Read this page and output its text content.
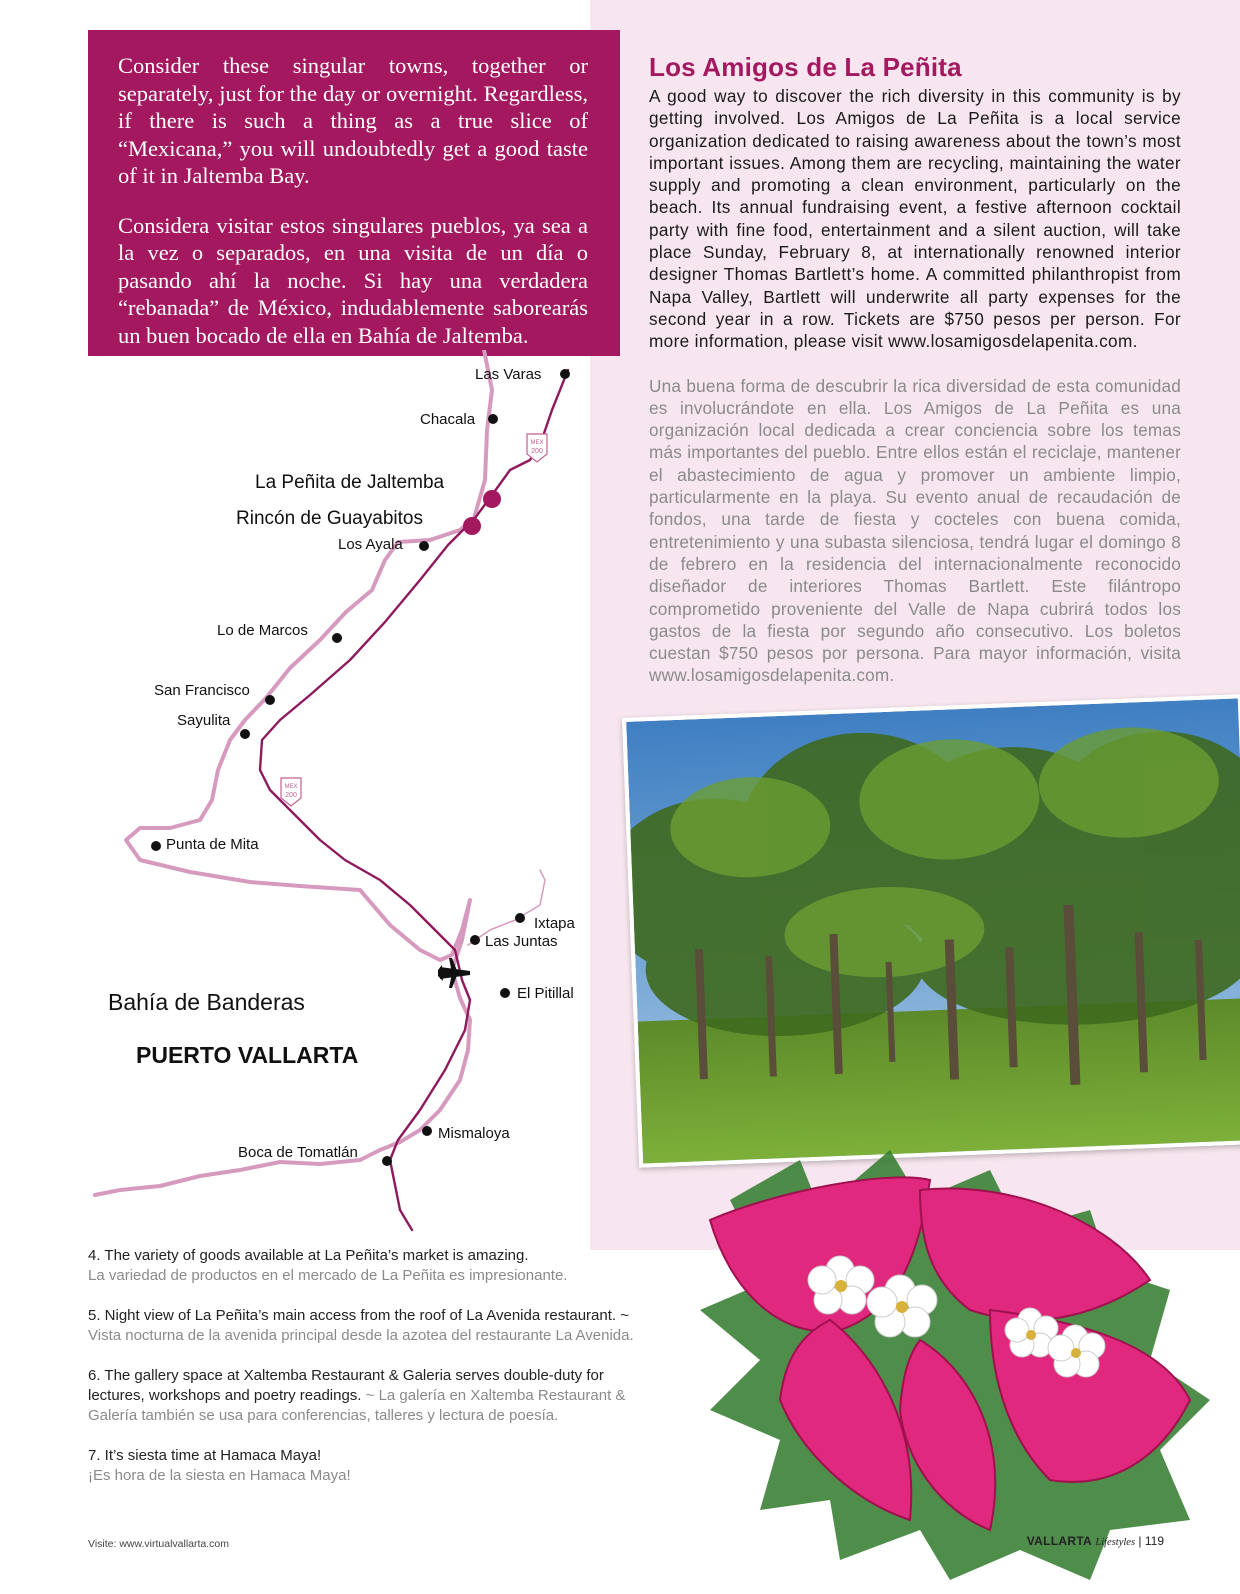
Consider these singular towns, together or separately, just for the day or overnight. Regardless, if there is such a thing as a true slice of “Mexicana,” you will undoubtedly get a good taste of it in Jaltemba Bay.

Considera visitar estos singulares pueblos, ya sea a la vez o separados, en una visita de un día o pasando ahí la noche. Si hay una verdadera “rebanada” de México, indudablemente saborearás un buen bocado de ella en Bahía de Jaltemba.

Los Amigos de La Peñita

A good way to discover the rich diversity in this community is by getting involved. Los Amigos de La Peñita is a local service organization dedicated to raising awareness about the town’s most important issues. Among them are recycling, maintaining the water supply and promoting a clean environment, particularly on the beach. Its annual fundraising event, a festive afternoon cocktail party with fine food, entertainment and a silent auction, will take place Sunday, February 8, at internationally renowned interior designer Thomas Bartlett’s home. A committed philanthropist from Napa Valley, Bartlett will underwrite all party expenses for the second year in a row. Tickets are $750 pesos per person. For more information, please visit www.losamigosdelapenita.com.

Una buena forma de descubrir la rica diversidad de esta comunidad es involucrándote en ella. Los Amigos de La Peñita es una organización local dedicada a crear conciencia sobre los temas más importantes del pueblo. Entre ellos están el reciclaje, mantener el abastecimiento de agua y promover un ambiente limpio, particularmente en la playa. Su evento anual de recaudación de fondos, una tarde de fiesta y cocteles con buena comida, entretenimiento y una subasta silenciosa, tendrá lugar el domingo 8 de febrero en la residencia del internacionalmente reconocido diseñador de interiores Thomas Bartlett. Este filántropo comprometido proveniente del Valle de Napa cubrirá todos los gastos de la fiesta por segundo año consecutivo. Los boletos cuestan $750 pesos por persona. Para mayor información, visita www.losamigosdelapenita.com.

MEX
200
MEX
200
Las Varas
Chacala
La Peñita de Jaltemba
Rincón de Guayabitos
Los Ayala
Lo de Marcos
San Francisco
Sayulita
Punta de Mita
Ixtapa
Las Juntas
El Pitillal
Bahía de Banderas
PUERTO VALLARTA
Mismaloya
Boca de Tomatlán
4. The variety of goods available at La Peñita’s market is amazing.
La variedad de productos en el mercado de La Peñita es impresionante.
5. Night view of La Peñita’s main access from the roof of La Avenida restaurant. ~
Vista nocturna de la avenida principal desde la azotea del restaurante La Avenida.
6. The gallery space at Xaltemba Restaurant & Galeria serves double-duty for lectures, workshops and poetry readings. ~ La galería en Xaltemba Restaurant & Galería también se usa para conferencias, talleres y lectura de poesía.
7. It’s siesta time at Hamaca Maya!
¡Es hora de la siesta en Hamaca Maya!
Visite: www.virtualvallarta.com	VALLARTA Lifestyles | 119
